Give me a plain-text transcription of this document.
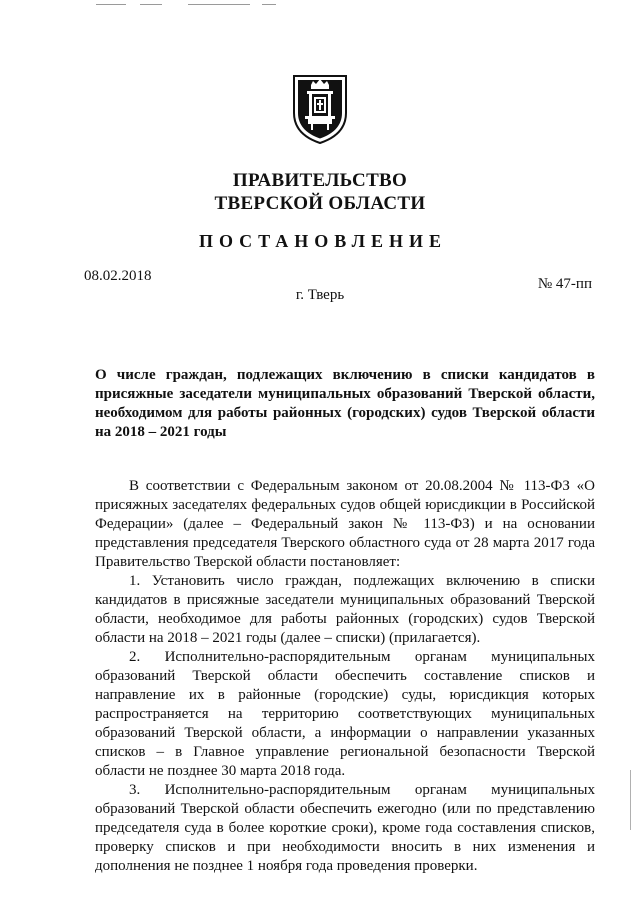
ПРАВИТЕЛЬСТВО
ТВЕРСКОЙ ОБЛАСТИ
ПОСТАНОВЛЕНИЕ
08.02.2018	№ 47-пп
г. Тверь
О числе граждан, подлежащих включению в списки кандидатов в
присяжные заседатели муниципальных образований Тверской области,
необходимом для работы районных (городских) судов Тверской области
на 2018 – 2021 годы

В соответствии с Федеральным законом от 20.08.2004 № 113-ФЗ «О присяжных заседателях федеральных судов общей юрисдикции в Российской Федерации» (далее – Федеральный закон № 113-ФЗ) и на основании представления председателя Тверского областного суда от 28 марта 2017 года Правительство Тверской области постановляет:

1. Установить число граждан, подлежащих включению в списки кандидатов в присяжные заседатели муниципальных образований Тверской области, необходимое для работы районных (городских) судов Тверской области на 2018 – 2021 годы (далее – списки) (прилагается).

2. Исполнительно-распорядительным органам муниципальных образований Тверской области обеспечить составление списков и направление их в районные (городские) суды, юрисдикция которых распространяется на территорию соответствующих муниципальных образований Тверской области, а информации о направлении указанных списков – в Главное управление региональной безопасности Тверской области не позднее 30 марта 2018 года.

3. Исполнительно-распорядительным органам муниципальных образований Тверской области обеспечить ежегодно (или по представлению председателя суда в более короткие сроки), кроме года составления списков, проверку списков и при необходимости вносить в них изменения и дополнения не позднее 1 ноября года проведения проверки.
